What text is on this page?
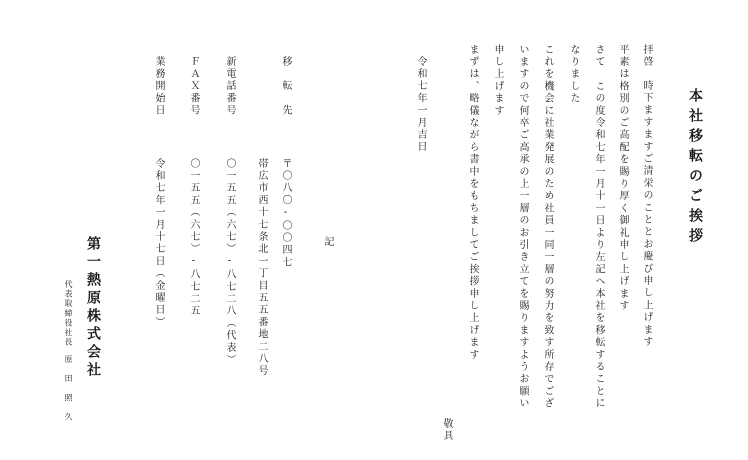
本社移転のご挨拶
拝啓
時下ますますご清栄のこととお慶び申し上げます
平素は格別のご高配を賜り厚く御礼申し上げます
さて　この度令和七年一月十一日より左記へ本社を移転することに
なりました
これを機会に社業発展のため社員一同一層の努力を致す所存でござ
いますので何卒ご高承の上一層のお引き立てを賜りますようお願い
申し上げます
まずは、略儀ながら書中をもちましてご挨拶申し上げます
敬具
令和七年一月吉日
記
移　転　先
〒〇八〇-〇〇四七
帯広市西十七条北一丁目五五番地二八号
新電話番号
〇一五五（六七）-八七二八（代表）
ＦＡＸ番号
〇一五五（六七）-八七二五
業務開始日
令和七年一月十七日（金曜日）
第一熱原株式会社
代表取締役社長
原　田　照　久
